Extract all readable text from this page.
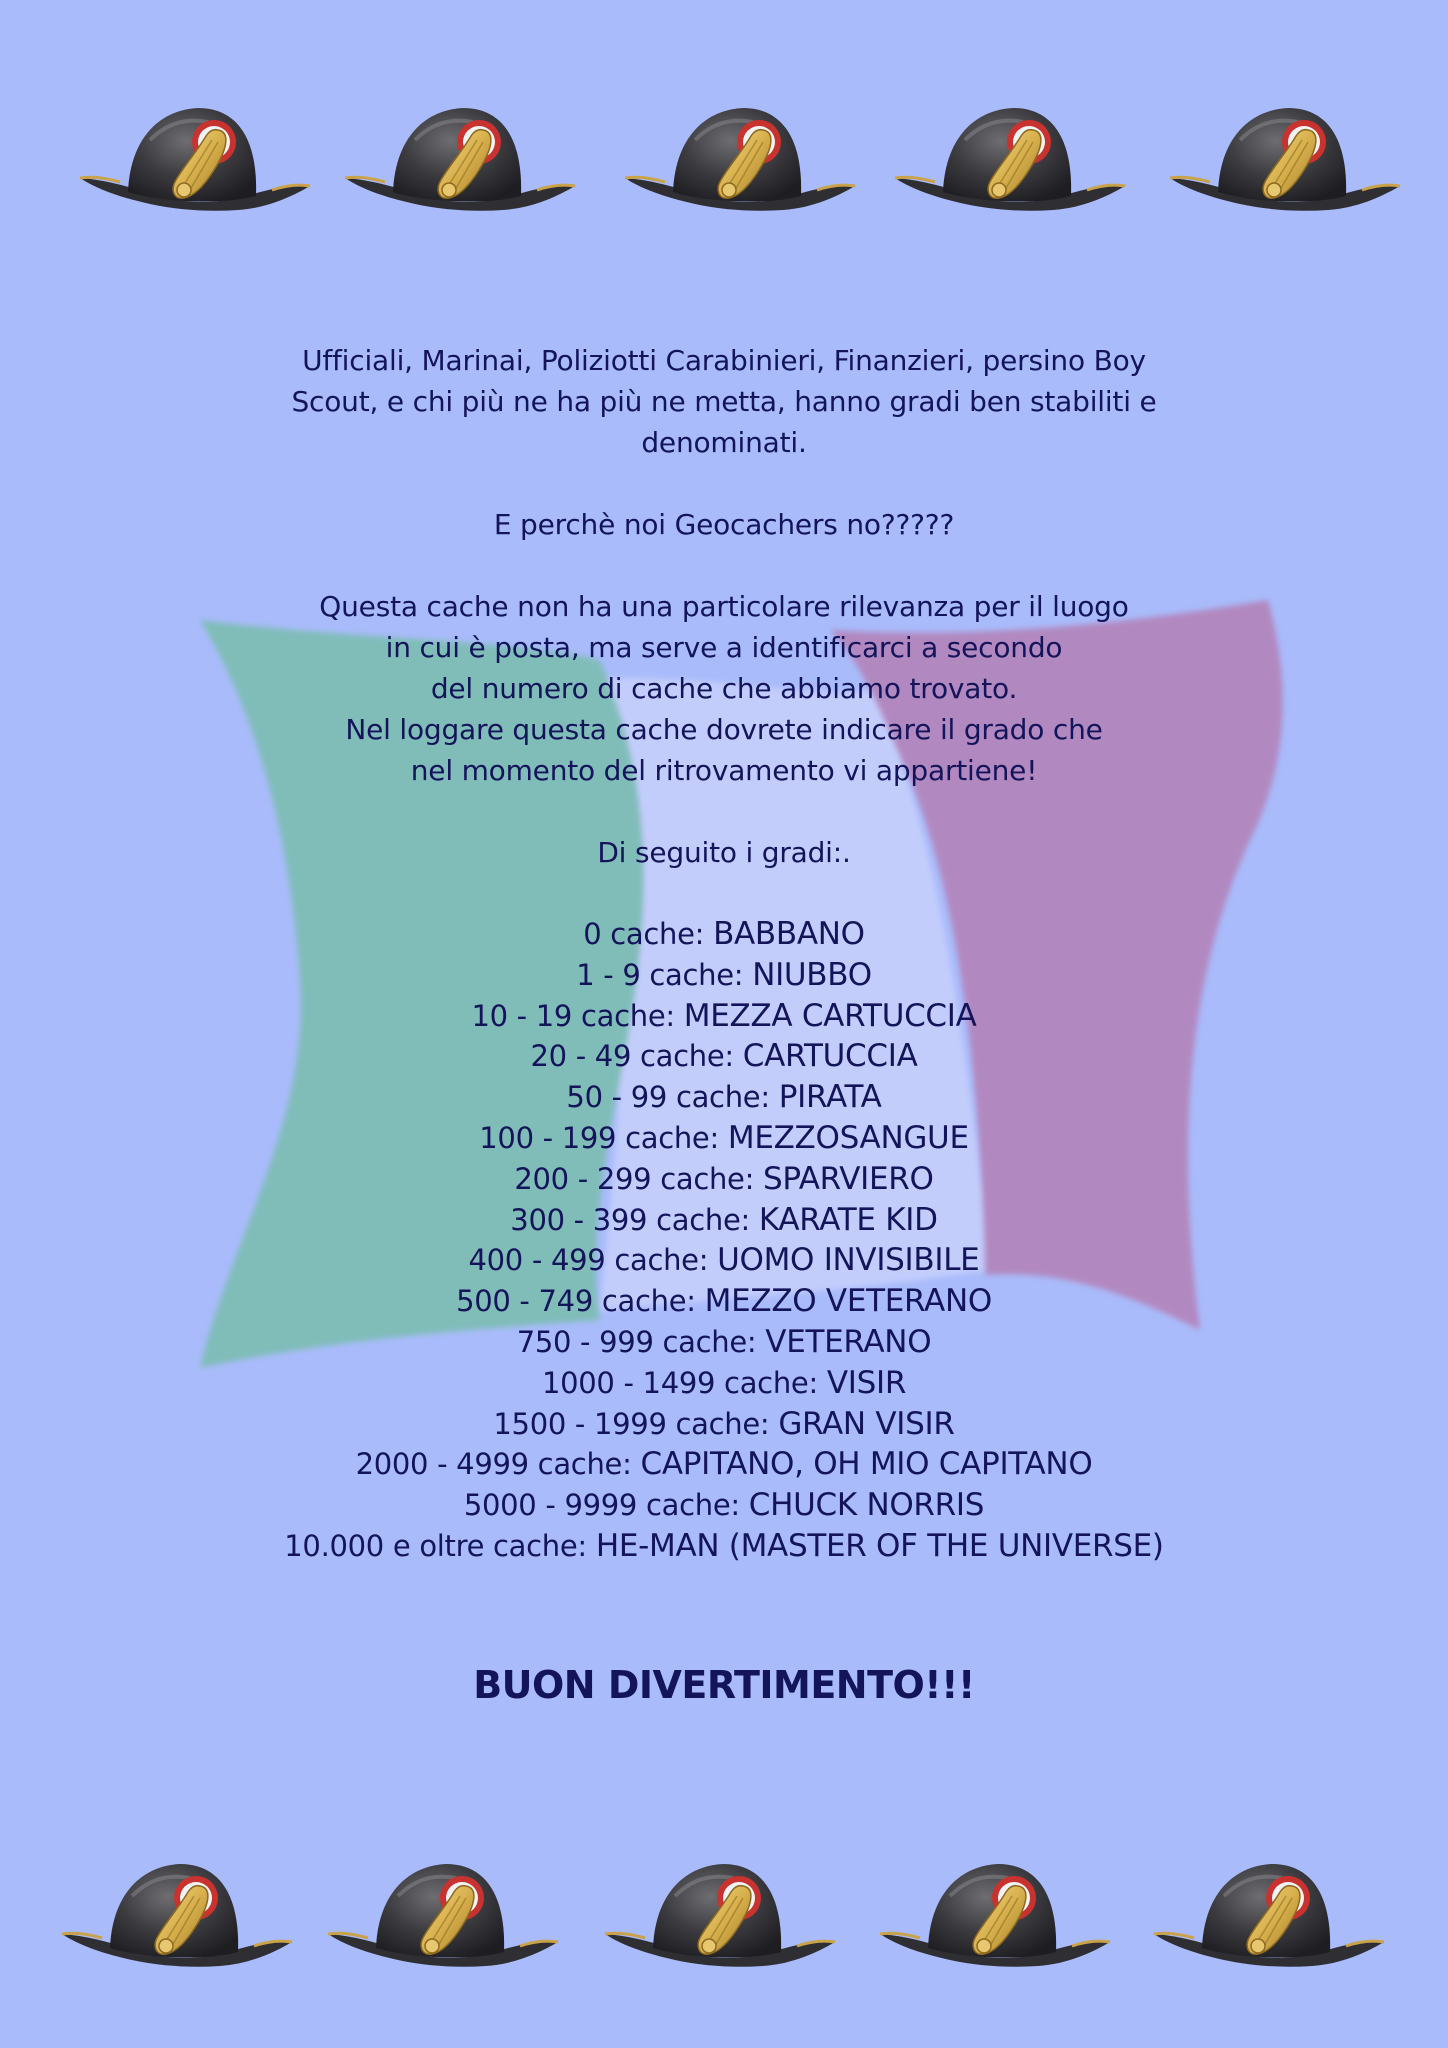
Ufficiali, Marinai, Poliziotti Carabinieri, Finanzieri, persino Boy
Scout, e chi più ne ha più ne metta, hanno gradi ben stabiliti e
denominati.

E perchè noi Geocachers no?????

Questa cache non ha una particolare rilevanza per il luogo
in cui è posta, ma serve a identificarci a secondo
del numero di cache che abbiamo trovato.
Nel loggare questa cache dovrete indicare il grado che
nel momento del ritrovamento vi appartiene!

Di seguito i gradi:.

0 cache: BABBANO
1 - 9 cache: NIUBBO
10 - 19 cache: MEZZA CARTUCCIA
20 - 49 cache: CARTUCCIA
50 - 99 cache: PIRATA
100 - 199 cache: MEZZOSANGUE
200 - 299 cache: SPARVIERO
300 - 399 cache: KARATE KID
400 - 499 cache: UOMO INVISIBILE
500 - 749 cache: MEZZO VETERANO
750 - 999 cache: VETERANO
1000 - 1499 cache: VISIR
1500 - 1999 cache: GRAN VISIR
2000 - 4999 cache: CAPITANO, OH MIO CAPITANO
5000 - 9999 cache: CHUCK NORRIS
10.000 e oltre cache: HE-MAN (MASTER OF THE UNIVERSE)
BUON DIVERTIMENTO!!!
